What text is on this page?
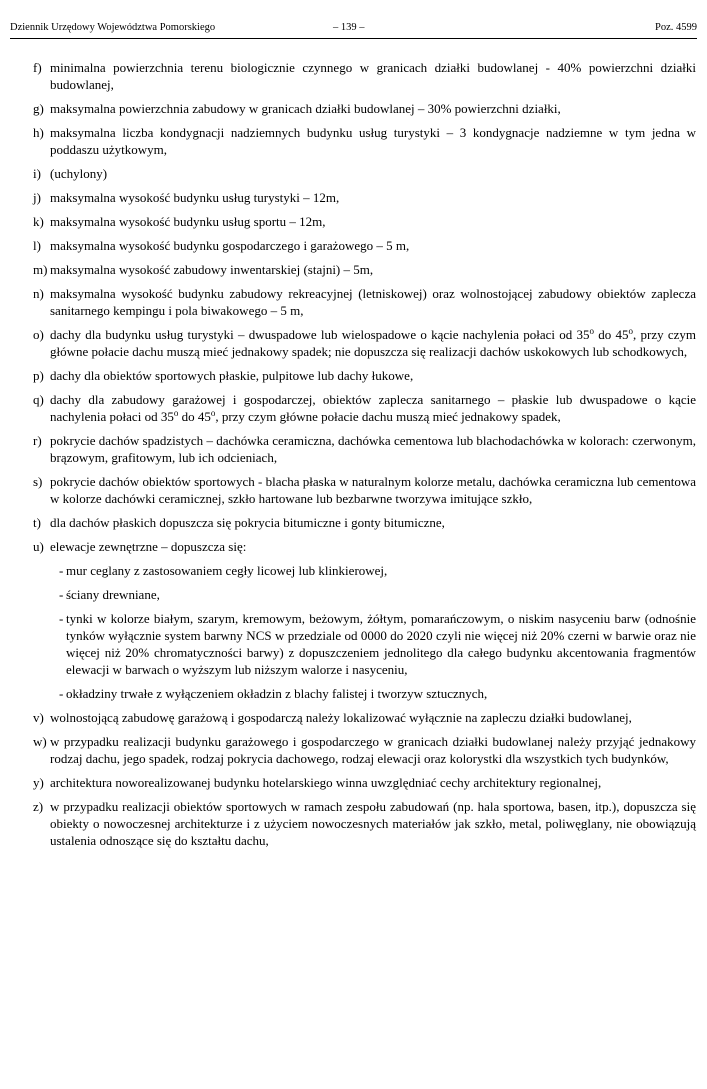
Dziennik Urzędowy Województwa Pomorskiego	– 139 –	Poz. 4599
f) minimalna powierzchnia terenu biologicznie czynnego w granicach działki budowlanej - 40% powierzchni działki budowlanej,
g) maksymalna powierzchnia zabudowy w granicach działki budowlanej – 30% powierzchni działki,
h) maksymalna liczba kondygnacji nadziemnych budynku usług turystyki – 3 kondygnacje nadziemne w tym jedna w poddaszu użytkowym,
i) (uchylony)
j) maksymalna wysokość budynku usług turystyki – 12m,
k) maksymalna wysokość budynku usług sportu – 12m,
l) maksymalna wysokość budynku gospodarczego i garażowego – 5 m,
m) maksymalna wysokość zabudowy inwentarskiej (stajni) – 5m,
n) maksymalna wysokość budynku zabudowy rekreacyjnej (letniskowej) oraz wolnostojącej zabudowy obiektów zaplecza sanitarnego kempingu i pola biwakowego – 5 m,
o) dachy dla budynku usług turystyki – dwuspadowe lub wielospadowe o kącie nachylenia połaci od 35$^o$ do 45$^o$, przy czym główne połacie dachu muszą mieć jednakowy spadek; nie dopuszcza się realizacji dachów uskokowych lub schodkowych,
p) dachy dla obiektów sportowych płaskie, pulpitowe lub dachy łukowe,
q) dachy dla zabudowy garażowej i gospodarczej, obiektów zaplecza sanitarnego – płaskie lub dwuspadowe o kącie nachylenia połaci od 35$^o$ do 45$^o$, przy czym główne połacie dachu muszą mieć jednakowy spadek,
r) pokrycie dachów spadzistych – dachówka ceramiczna, dachówka cementowa lub blachodachówka w kolorach: czerwonym, brązowym, grafitowym, lub ich odcieniach,
s) pokrycie dachów obiektów sportowych - blacha płaska w naturalnym kolorze metalu, dachówka ceramiczna lub cementowa w kolorze dachówki ceramicznej, szkło hartowane lub bezbarwne tworzywa imitujące szkło,
t) dla dachów płaskich dopuszcza się pokrycia bitumiczne i gonty bitumiczne,
u) elewacje zewnętrzne – dopuszcza się:
- mur ceglany z zastosowaniem cegły licowej lub klinkierowej,
- ściany drewniane,
- tynki w kolorze białym, szarym, kremowym, beżowym, żółtym, pomarańczowym, o niskim nasyceniu barw (odnośnie tynków wyłącznie system barwny NCS w przedziale od 0000 do 2020 czyli nie więcej niż 20% czerni w barwie oraz nie więcej niż 20% chromatyczności barwy) z dopuszczeniem jednolitego dla całego budynku akcentowania fragmentów elewacji w barwach o wyższym lub niższym walorze i nasyceniu,
- okładziny trwałe z wyłączeniem okładzin z blachy falistej i tworzyw sztucznych,
v) wolnostojącą zabudowę garażową i gospodarczą należy lokalizować wyłącznie na zapleczu działki budowlanej,
w) w przypadku realizacji budynku garażowego i gospodarczego w granicach działki budowlanej należy przyjąć jednakowy rodzaj dachu, jego spadek, rodzaj pokrycia dachowego, rodzaj elewacji oraz kolorystki dla wszystkich tych budynków,
y) architektura noworealizowanej budynku hotelarskiego winna uwzględniać cechy architektury regionalnej,
z) w przypadku realizacji obiektów sportowych w ramach zespołu zabudowań (np. hala sportowa, basen, itp.), dopuszcza się obiekty o nowoczesnej architekturze i z użyciem nowoczesnych materiałów jak szkło, metal, poliwęglany, nie obowiązują ustalenia odnoszące się do kształtu dachu,
